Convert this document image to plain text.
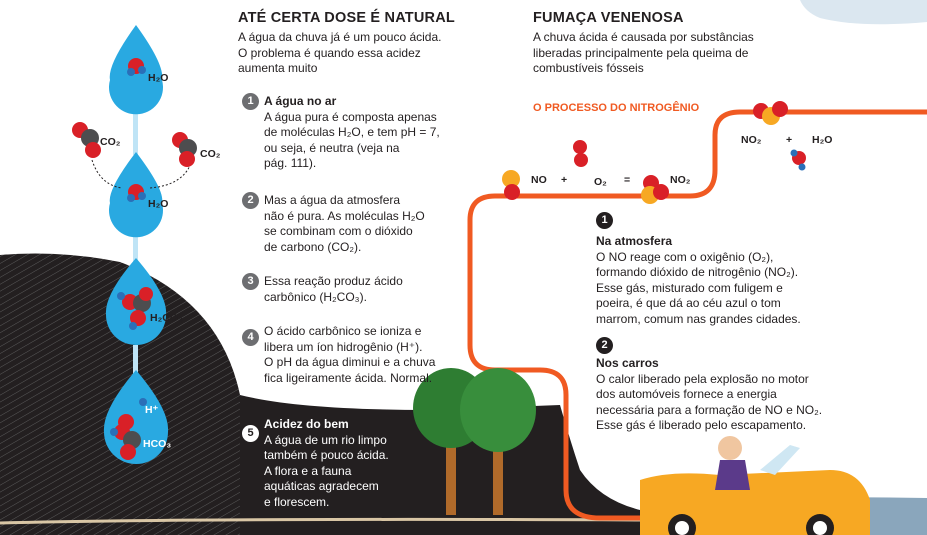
ATÉ CERTA DOSE É NATURAL
A água da chuva já é um pouco ácida.
O problema é quando essa acidez
aumenta muito
H₂O
CO₂
CO₂
H₂O
H₂CO₃
H⁺
HCO₃
1 A água no ar
A água pura é composta apenas
de moléculas H₂O, e tem pH = 7,
ou seja, é neutra (veja na
pág. 111).
2 Mas a água da atmosfera
não é pura. As moléculas H₂O
se combinam com o dióxido
de carbono (CO₂).
3 Essa reação produz ácido
carbônico (H₂CO₃).
4 O ácido carbônico se ioniza e
libera um íon hidrogênio (H⁺).
O pH da água diminui e a chuva
fica ligeiramente ácida. Normal.
5
Acidez do bem
A água de um rio limpo
também é pouco ácida.
A flora e a fauna
aquáticas agradecem
e florescem.
FUMAÇA VENENOSA
A chuva ácida é causada por substâncias
liberadas principalmente pela queima de
combustíveis fósseis
O PROCESSO DO NITROGÊNIO
NO +	O₂ =	NO₂
NO₂ + H₂O
1
Na atmosfera
O NO reage com o oxigênio (O₂),
formando dióxido de nitrogênio (NO₂).
Esse gás, misturado com fuligem e
poeira, é que dá ao céu azul o tom
marrom, comum nas grandes cidades.
2
Nos carros
O calor liberado pela explosão no motor
dos automóveis fornece a energia
necessária para a formação de NO e NO₂.
Esse gás é liberado pelo escapamento.
